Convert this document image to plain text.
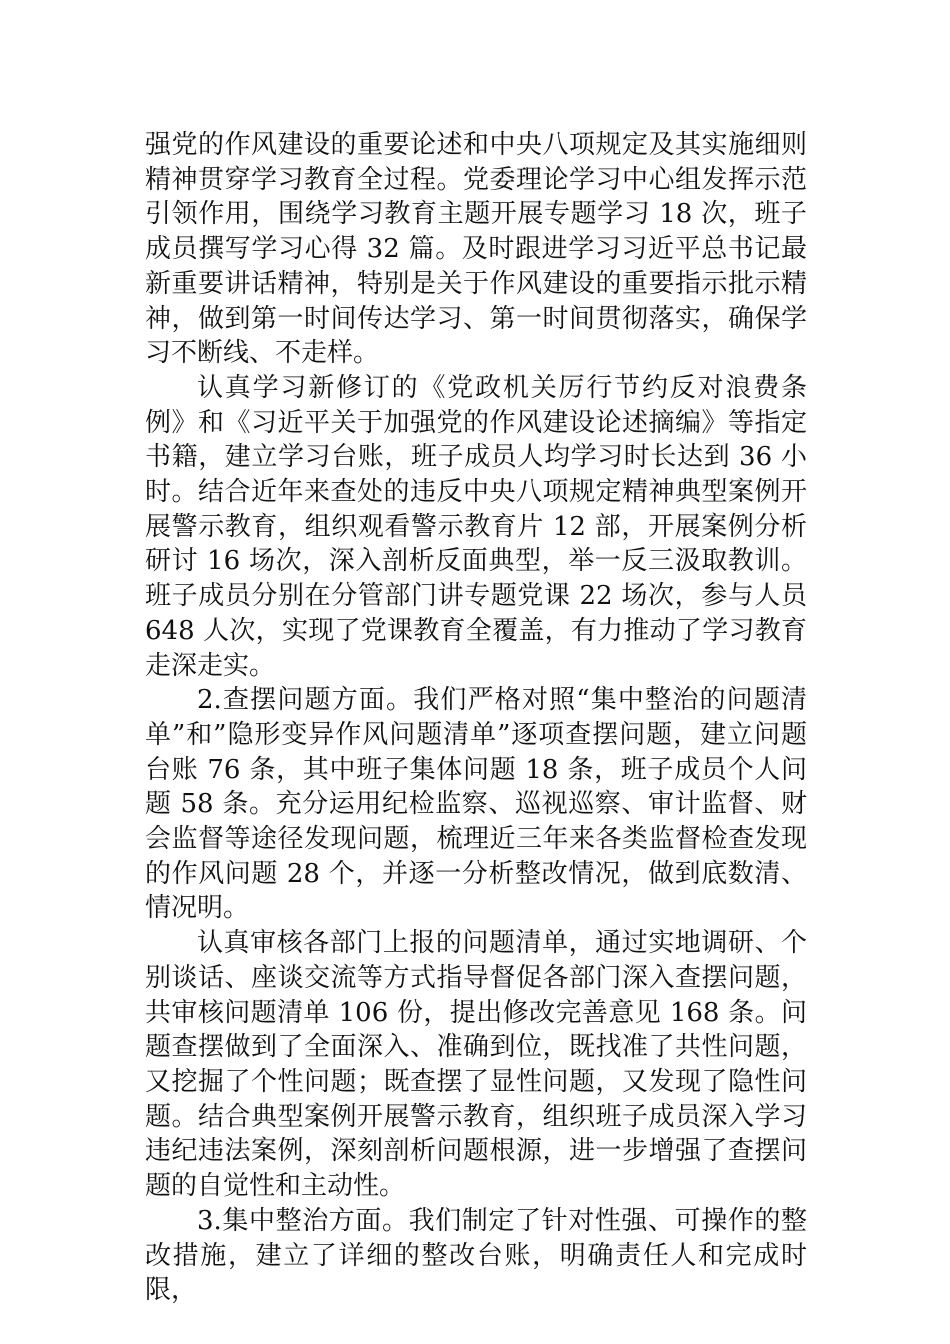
强党的作风建设的重要论述和中央八项规定及其实施细则精神贯穿学习教育全过程。党委理论学习中心组发挥示范引领作用，围绕学习教育主题开展专题学习 18 次，班子成员撰写学习心得 32 篇。及时跟进学习习近平总书记最新重要讲话精神，特别是关于作风建设的重要指示批示精神，做到第一时间传达学习、第一时间贯彻落实，确保学习不断线、不走样。

认真学习新修订的《党政机关厉行节约反对浪费条例》和《习近平关于加强党的作风建设论述摘编》等指定书籍，建立学习台账，班子成员人均学习时长达到 36 小时。结合近年来查处的违反中央八项规定精神典型案例开展警示教育，组织观看警示教育片 12 部，开展案例分析研讨 16 场次，深入剖析反面典型，举一反三汲取教训。班子成员分别在分管部门讲专题党课 22 场次，参与人员 648 人次，实现了党课教育全覆盖，有力推动了学习教育走深走实。

2.查摆问题方面。我们严格对照“集中整治的问题清单”和”隐形变异作风问题清单”逐项查摆问题，建立问题台账 76 条，其中班子集体问题 18 条，班子成员个人问题 58 条。充分运用纪检监察、巡视巡察、审计监督、财会监督等途径发现问题，梳理近三年来各类监督检查发现的作风问题 28 个，并逐一分析整改情况，做到底数清、情况明。

认真审核各部门上报的问题清单，通过实地调研、个别谈话、座谈交流等方式指导督促各部门深入查摆问题，共审核问题清单 106 份，提出修改完善意见 168 条。问题查摆做到了全面深入、准确到位，既找准了共性问题，又挖掘了个性问题；既查摆了显性问题，又发现了隐性问题。结合典型案例开展警示教育，组织班子成员深入学习违纪违法案例，深刻剖析问题根源，进一步增强了查摆问题的自觉性和主动性。

3.集中整治方面。我们制定了针对性强、可操作的整改措施，建立了详细的整改台账，明确责任人和完成时限，
